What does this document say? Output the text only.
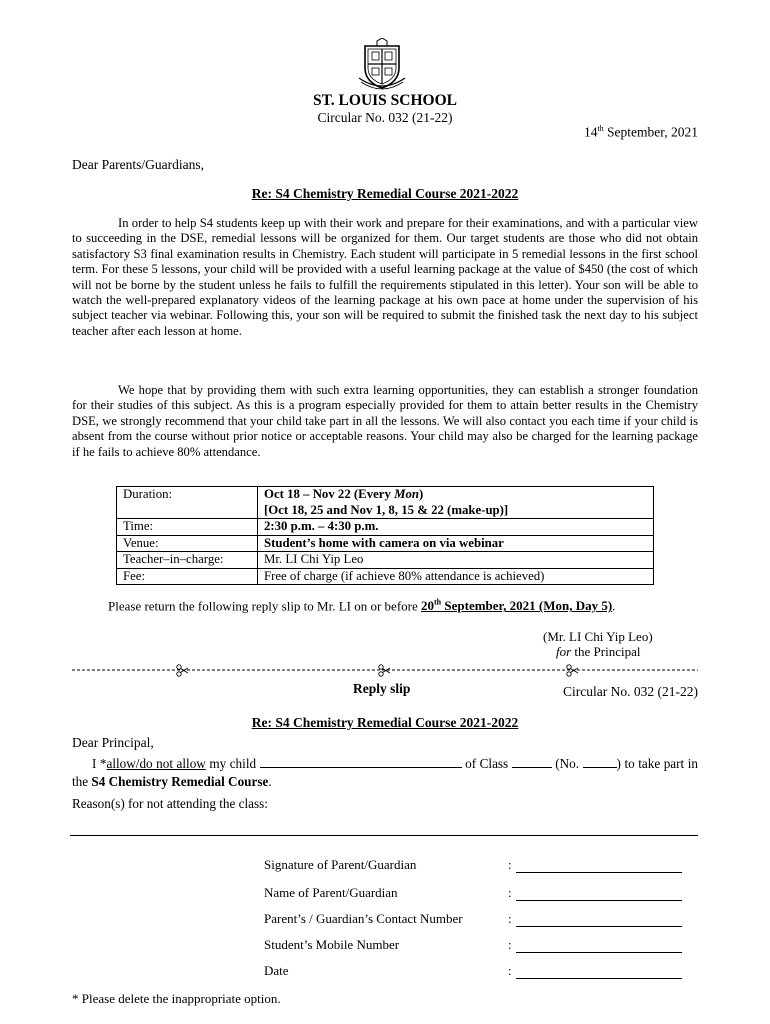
ST. LOUIS SCHOOL
Circular No. 032 (21-22)
14th September, 2021
Dear Parents/Guardians,
Re: S4 Chemistry Remedial Course 2021-2022

In order to help S4 students keep up with their work and prepare for their examinations, and with a particular view to succeeding in the DSE, remedial lessons will be organized for them. Our target students are those who did not obtain satisfactory S3 final examination results in Chemistry. Each student will participate in 5 remedial lessons in the first school term. For these 5 lessons, your child will be provided with a useful learning package at the value of $450 (the cost of which will not be borne by the student unless he fails to fulfill the requirements stipulated in this letter). Your son will be able to watch the well-prepared explanatory videos of the learning package at his own pace at home under the supervision of his subject teacher via webinar. Following this, your son will be required to submit the finished task the next day to his subject teacher after each lesson at home.

We hope that by providing them with such extra learning opportunities, they can establish a stronger foundation for their studies of this subject. As this is a program especially provided for them to attain better results in the Chemistry DSE, we strongly recommend that your child take part in all the lessons. We will also contact you each time if your child is absent from the course without prior notice or acceptable reasons. Your child may also be charged for the learning package if he fails to achieve 80% attendance.

Duration:	Oct 18 – Nov 22 (Every Mon)
	[Oct 18, 25 and Nov 1, 8, 15 & 22 (make-up)]
Time:	2:30 p.m. – 4:30 p.m.
Venue:	Student’s home with camera on via webinar
Teacher–in–charge:	Mr. LI Chi Yip Leo
Fee:	Free of charge (if achieve 80% attendance is achieved)
Please return the following reply slip to Mr. LI on or before 20th September, 2021 (Mon, Day 5).
(Mr. LI Chi Yip Leo)
for the Principal
Reply slip	Circular No. 032 (21-22)
Re: S4 Chemistry Remedial Course 2021-2022
Dear Principal,
I *allow/do not allow my child	of Class	(No.	) to take part in the S4 Chemistry Remedial Course.
Reason(s) for not attending the class:
Signature of Parent/Guardian	:
Name of Parent/Guardian	:
Parent’s / Guardian’s Contact Number	:
Student’s Mobile Number	:
Date	:
* Please delete the inappropriate option.
